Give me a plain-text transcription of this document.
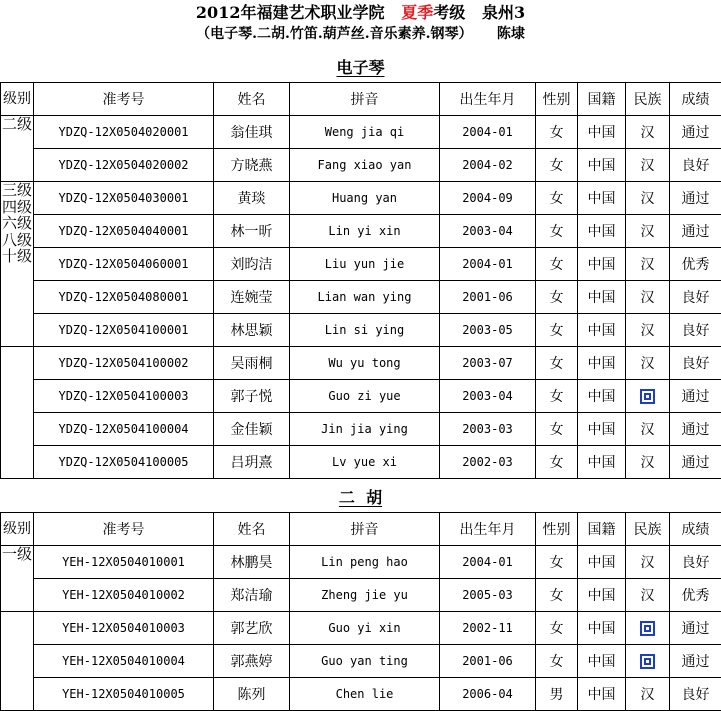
2012年福建艺术职业学院 夏季考级 泉州3
（电子琴.二胡.竹笛.葫芦丝.音乐素养.钢琴） 陈埭
电子琴
级别	准考号	姓名	拼音	出生年月	性别	国籍	民族	成绩
二级	YDZQ-12X0504020001	翁佳琪	Weng jia qi	2004-01	女	中国	汉	通过
	YDZQ-12X0504020002	方晓燕	Fang xiao yan	2004-02	女	中国	汉	良好
三级四级六级八级十级	YDZQ-12X0504030001	黄琰	Huang yan	2004-09	女	中国	汉	通过
	YDZQ-12X0504040001	林一昕	Lin yi xin	2003-04	女	中国	汉	通过
	YDZQ-12X0504060001	刘昀洁	Liu yun jie	2004-01	女	中国	汉	优秀
	YDZQ-12X0504080001	连婉莹	Lian wan ying	2001-06	女	中国	汉	良好
	YDZQ-12X0504100001	林思颖	Lin si ying	2003-05	女	中国	汉	良好
	YDZQ-12X0504100002	吴雨桐	Wu yu tong	2003-07	女	中国	汉	良好
	YDZQ-12X0504100003	郭子悦	Guo zi yue	2003-04	女	中国		通过
	YDZQ-12X0504100004	金佳颖	Jin jia ying	2003-03	女	中国	汉	通过
	YDZQ-12X0504100005	吕玥熹	Lv yue xi	2002-03	女	中国	汉	通过
二  胡
级别	准考号	姓名	拼音	出生年月	性别	国籍	民族	成绩
一级	YEH-12X0504010001	林鹏昊	Lin peng hao	2004-01	女	中国	汉	良好
	YEH-12X0504010002	郑洁瑜	Zheng jie yu	2005-03	女	中国	汉	优秀
	YEH-12X0504010003	郭艺欣	Guo yi xin	2002-11	女	中国		通过
	YEH-12X0504010004	郭燕婷	Guo yan ting	2001-06	女	中国		通过
	YEH-12X0504010005	陈列	Chen lie	2006-04	男	中国	汉	良好
